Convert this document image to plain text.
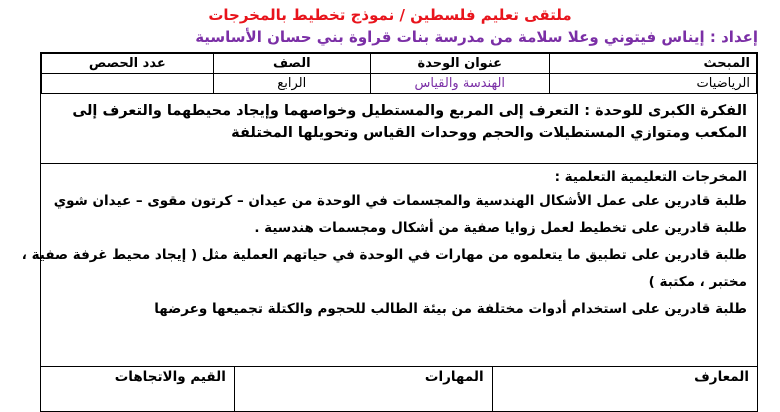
ملتقى تعليم فلسطين / نموذج تخطيط بالمخرجات
إعداد : إيناس فيتوني وعلا سلامة من مدرسة بنات قراوة بني حسان الأساسية
المبحث	عنوان الوحدة	الصف	عدد الحصص
الرياضيات	الهندسة والقياس	الرابع	
الفكرة الكبرى للوحدة : التعرف إلى المربع والمستطيل وخواصهما وإيجاد محيطهما والتعرف إلى
المكعب ومتوازي المستطيلات والحجم ووحدات القياس وتحويلها المختلفة
المخرجات التعليمية التعلمية :
طلبة قادرين على عمل الأشكال الهندسية والمجسمات في الوحدة من عيدان – كرتون مقوى – عيدان شوي
طلبة قادرين على تخطيط لعمل زوايا صفية من أشكال ومجسمات هندسية .
طلبة قادرين على تطبيق ما يتعلموه من مهارات في الوحدة في حياتهم العملية مثل ( إيجاد محيط غرفة صفية ،
مختبر ، مكتبة )
طلبة قادرين على استخدام أدوات مختلفة من بيئة الطالب للحجوم والكتلة تجميعها وعرضها
المعارف	المهارات	القيم والاتجاهات
